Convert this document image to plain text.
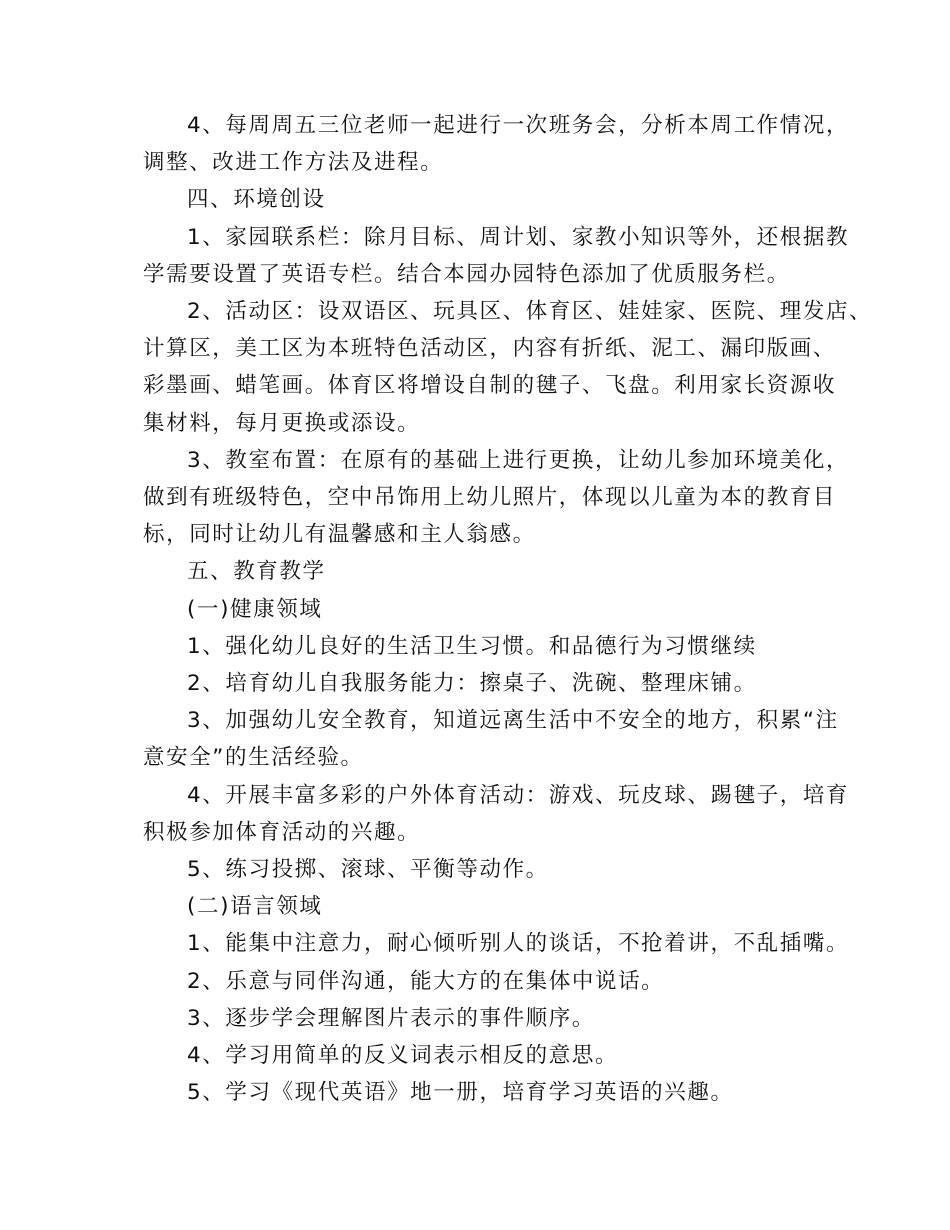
4、每周周五三位老师一起进行一次班务会，分析本周工作情况，
调整、改进工作方法及进程。
四、环境创设
1、家园联系栏：除月目标、周计划、家教小知识等外，还根据教
学需要设置了英语专栏。结合本园办园特色添加了优质服务栏。
2、活动区：设双语区、玩具区、体育区、娃娃家、医院、理发店、
计算区，美工区为本班特色活动区，内容有折纸、泥工、漏印版画、
彩墨画、蜡笔画。体育区将增设自制的毽子、飞盘。利用家长资源收
集材料，每月更换或添设。
3、教室布置：在原有的基础上进行更换，让幼儿参加环境美化，
做到有班级特色，空中吊饰用上幼儿照片，体现以儿童为本的教育目
标，同时让幼儿有温馨感和主人翁感。
五、教育教学
(一)健康领域
1、强化幼儿良好的生活卫生习惯。和品德行为习惯继续
2、培育幼儿自我服务能力：擦桌子、洗碗、整理床铺。
3、加强幼儿安全教育，知道远离生活中不安全的地方，积累“注
意安全”的生活经验。
4、开展丰富多彩的户外体育活动：游戏、玩皮球、踢毽子，培育
积极参加体育活动的兴趣。
5、练习投掷、滚球、平衡等动作。
(二)语言领域
1、能集中注意力，耐心倾听别人的谈话，不抢着讲，不乱插嘴。
2、乐意与同伴沟通，能大方的在集体中说话。
3、逐步学会理解图片表示的事件顺序。
4、学习用简单的反义词表示相反的意思。
5、学习《现代英语》地一册，培育学习英语的兴趣。
